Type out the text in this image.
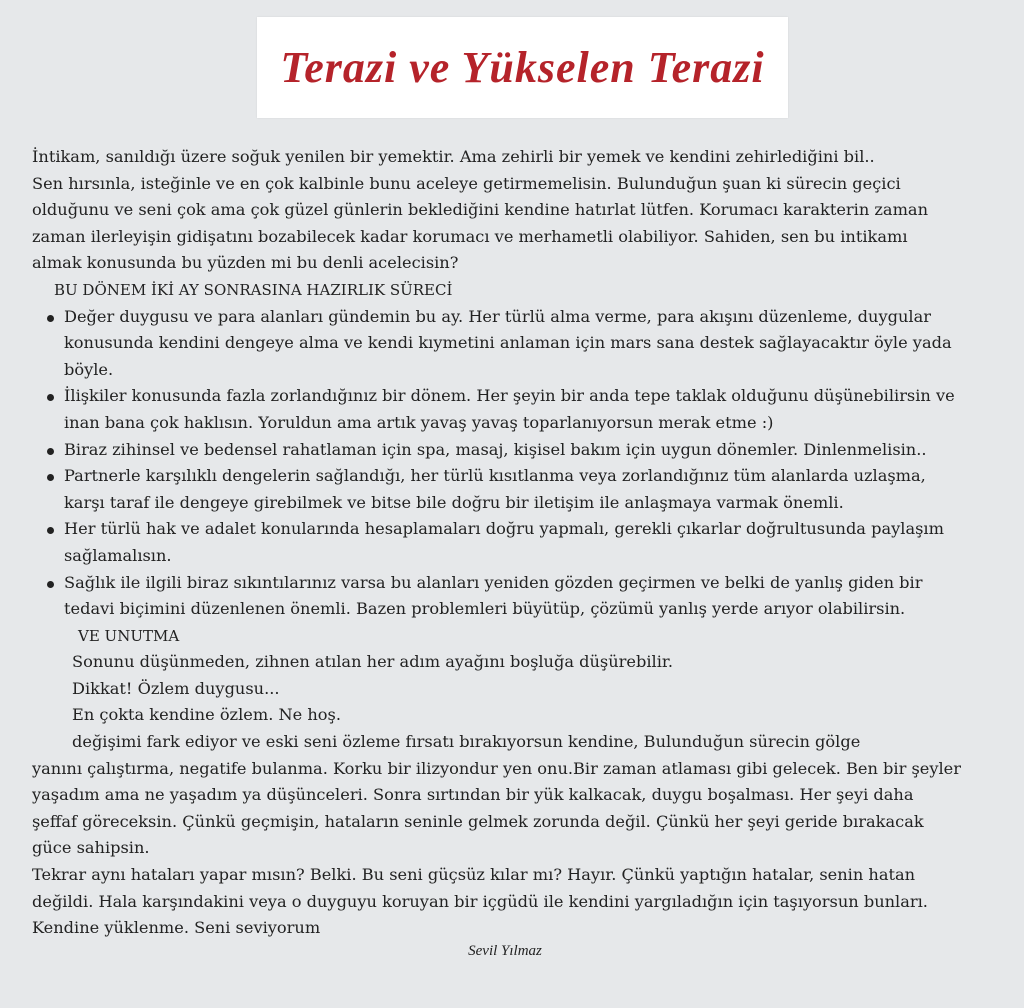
Terazi ve Yükselen Terazi

İntikam, sanıldığı üzere soğuk yenilen bir yemektir. Ama zehirli bir yemek ve kendini zehirlediğini bil..

Sen hırsınla, isteğinle ve en çok kalbinle bunu aceleye getirmemelisin. Bulunduğun şuan ki sürecin geçici olduğunu ve seni çok ama çok güzel günlerin beklediğini kendine hatırlat lütfen. Korumacı karakterin zaman zaman ilerleyişin gidişatını bozabilecek kadar korumacı ve merhametli olabiliyor. Sahiden, sen bu intikamı almak konusunda bu yüzden mi bu denli acelecisin?

BU DÖNEM İKİ AY SONRASINA HAZIRLIK SÜRECİ

Değer duygusu ve para alanları gündemin bu ay. Her türlü alma verme, para akışını düzenleme, duygular konusunda kendini dengeye alma ve kendi kıymetini anlaman için mars sana destek sağlayacaktır öyle yada böyle.
İlişkiler konusunda fazla zorlandığınız bir dönem. Her şeyin bir anda tepe taklak olduğunu düşünebilirsin ve inan bana çok haklısın. Yoruldun ama artık yavaş yavaş toparlanıyorsun merak etme :)
Biraz zihinsel ve bedensel rahatlaman için spa, masaj, kişisel bakım için uygun dönemler. Dinlenmelisin..
Partnerle karşılıklı dengelerin sağlandığı, her türlü kısıtlanma veya zorlandığınız tüm alanlarda uzlaşma, karşı taraf ile dengeye girebilmek ve bitse bile doğru bir iletişim ile anlaşmaya varmak önemli.
Her türlü hak ve adalet konularında hesaplamaları doğru yapmalı, gerekli çıkarlar doğrultusunda paylaşım sağlamalısın.
Sağlık ile ilgili biraz sıkıntılarınız varsa bu alanları yeniden gözden geçirmen ve belki de yanlış giden bir tedavi biçimini düzenlenen önemli. Bazen problemleri büyütüp, çözümü yanlış yerde arıyor olabilirsin.

VE UNUTMA

Sonunu düşünmeden, zihnen atılan her adım ayağını boşluğa düşürebilir.

Dikkat! Özlem duygusu...

En çokta kendine özlem. Ne hoş.

değişimi fark ediyor ve eski seni özleme fırsatı bırakıyorsun kendine, Bulunduğun sürecin gölge

yanını çalıştırma, negatife bulanma. Korku bir ilizyondur yen onu.Bir zaman atlaması gibi gelecek. Ben bir şeyler yaşadım ama ne yaşadım ya düşünceleri. Sonra sırtından bir yük kalkacak, duygu boşalması. Her şeyi daha şeffaf göreceksin. Çünkü geçmişin, hataların seninle gelmek zorunda değil. Çünkü her şeyi geride bırakacak güce sahipsin.

Tekrar aynı hataları yapar mısın? Belki. Bu seni güçsüz kılar mı? Hayır. Çünkü yaptığın hatalar, senin hatan değildi. Hala karşındakini veya o duyguyu koruyan bir içgüdü ile kendini yargıladığın için taşıyorsun bunları. Kendine yüklenme. Seni seviyorum

Sevil Yılmaz
